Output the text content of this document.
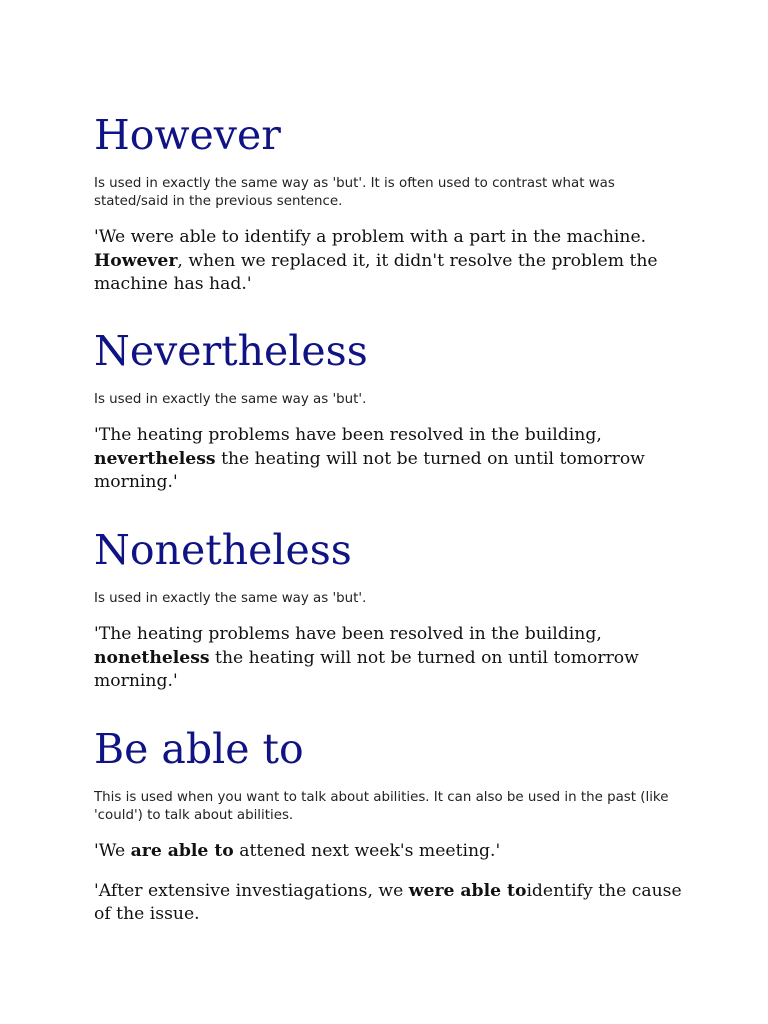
However

Is used in exactly the same way as 'but'. It is often used to contrast what was stated/said in the previous sentence.

'We were able to identify a problem with a part in the machine. However, when we replaced it, it didn't resolve the problem the machine has had.'

Nevertheless

Is used in exactly the same way as 'but'.

'The heating problems have been resolved in the building, nevertheless the heating will not be turned on until tomorrow morning.'

Nonetheless

Is used in exactly the same way as 'but'.

'The heating problems have been resolved in the building, nonetheless the heating will not be turned on until tomorrow morning.'

Be able to

This is used when you want to talk about abilities. It can also be used in the past (like 'could') to talk about abilities.

'We are able to attened next week's meeting.'

'After extensive investiagations, we were able toidentify the cause of the issue.
